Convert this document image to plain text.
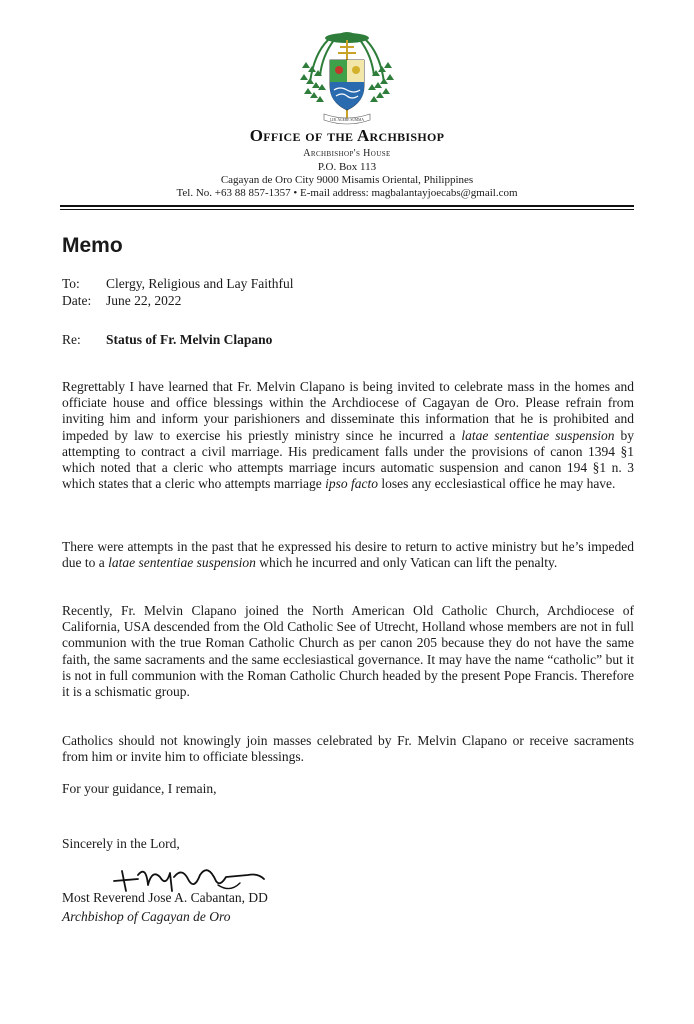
LIB. AGERE SUMMA
Office of the Archbishop
Archbishop's House
P.O. Box 113
Cagayan de Oro City 9000 Misamis Oriental, Philippines
Tel. No. +63 88 857-1357 • E-mail address: magbalantayjoecabs@gmail.com
Memo
To: Clergy, Religious and Lay Faithful
Date: June 22, 2022
Re: Status of Fr. Melvin Clapano
Regrettably I have learned that Fr. Melvin Clapano is being invited to celebrate mass in the homes and officiate house and office blessings within the Archdiocese of Cagayan de Oro. Please refrain from inviting him and inform your parishioners and disseminate this information that he is prohibited and impeded by law to exercise his priestly ministry since he incurred a latae sententiae suspension by attempting to contract a civil marriage. His predicament falls under the provisions of canon 1394 §1 which noted that a cleric who attempts marriage incurs automatic suspension and canon 194 §1 n. 3 which states that a cleric who attempts marriage ipso facto loses any ecclesiastical office he may have.
There were attempts in the past that he expressed his desire to return to active ministry but he’s impeded due to a latae sententiae suspension which he incurred and only Vatican can lift the penalty.
Recently, Fr. Melvin Clapano joined the North American Old Catholic Church, Archdiocese of California, USA descended from the Old Catholic See of Utrecht, Holland whose members are not in full communion with the true Roman Catholic Church as per canon 205 because they do not have the same faith, the same sacraments and the same ecclesiastical governance. It may have the name “catholic” but it is not in full communion with the Roman Catholic Church headed by the present Pope Francis. Therefore it is a schismatic group.
Catholics should not knowingly join masses celebrated by Fr. Melvin Clapano or receive sacraments from him or invite him to officiate blessings.
For your guidance, I remain,
Sincerely in the Lord,
Most Reverend Jose A. Cabantan, DD
Archbishop of Cagayan de Oro
